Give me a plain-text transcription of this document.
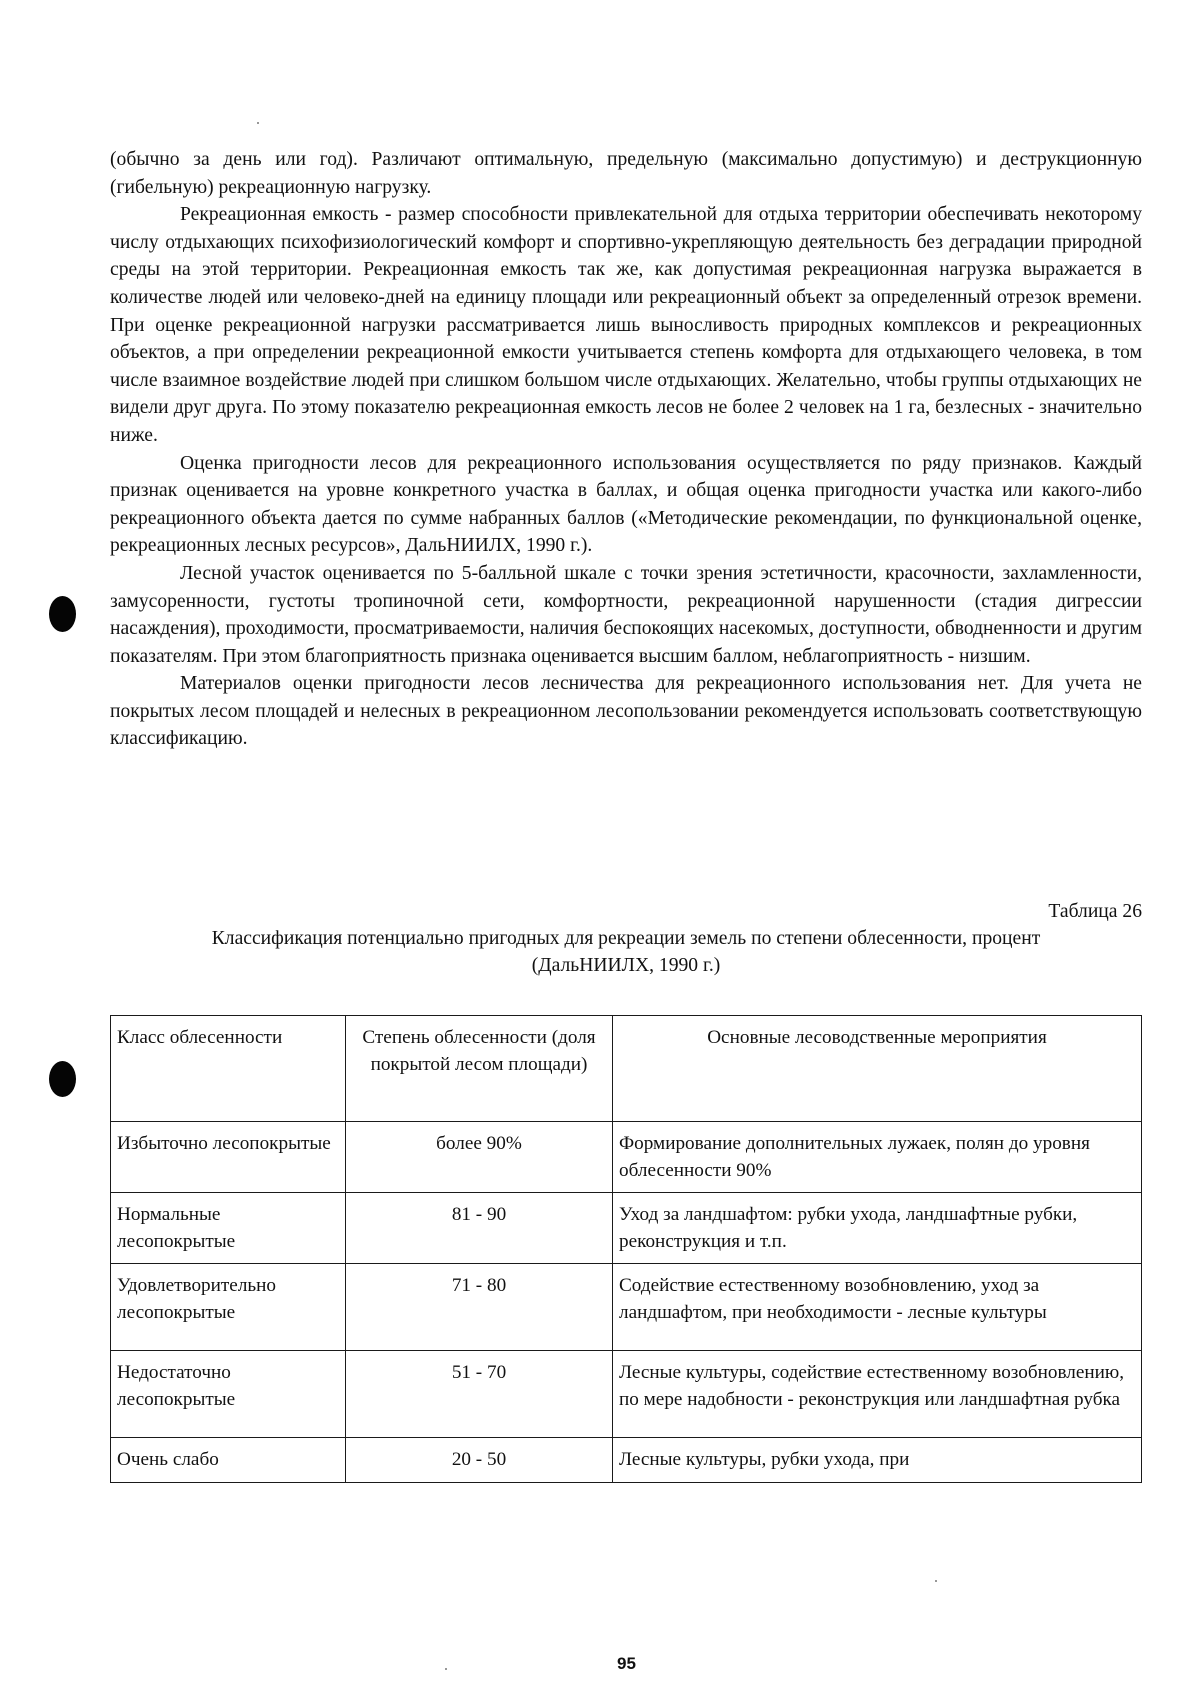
(обычно за день или год). Различают оптимальную, предельную (максимально допустимую) и деструкционную (гибельную) рекреационную нагрузку.

Рекреационная емкость - размер способности привлекательной для отдыха территории обеспечивать некоторому числу отдыхающих психофизиологический комфорт и спортивно-укрепляющую деятельность без деградации природной среды на этой территории. Рекреационная емкость так же, как допустимая рекреационная нагрузка выражается в количестве людей или человеко-дней на единицу площади или рекреационный объект за определенный отрезок времени. При оценке рекреационной нагрузки рассматривается лишь выносливость природных комплексов и рекреационных объектов, а при определении рекреационной емкости учитывается степень комфорта для отдыхающего человека, в том числе взаимное воздействие людей при слишком большом числе отдыхающих. Желательно, чтобы группы отдыхающих не видели друг друга. По этому показателю рекреационная емкость лесов не более 2 человек на 1 га, безлесных - значительно ниже.

Оценка пригодности лесов для рекреационного использования осуществляется по ряду признаков. Каждый признак оценивается на уровне конкретного участка в баллах, и общая оценка пригодности участка или какого-либо рекреационного объекта дается по сумме набранных баллов («Методические рекомендации, по функциональной оценке, рекреационных лесных ресурсов», ДальНИИЛХ, 1990 г.).

Лесной участок оценивается по 5-балльной шкале с точки зрения эстетичности, красочности, захламленности, замусоренности, густоты тропиночной сети, комфортности, рекреационной нарушенности (стадия дигрессии насаждения), проходимости, просматриваемости, наличия беспокоящих насекомых, доступности, обводненности и другим показателям. При этом благоприятность признака оценивается высшим баллом, неблагоприятность - низшим.

Материалов оценки пригодности лесов лесничества для рекреационного использования нет. Для учета не покрытых лесом площадей и нелесных в рекреационном лесопользовании рекомендуется использовать соответствующую классификацию.

Таблица 26
Классификация потенциально пригодных для рекреации земель по степени облесенности, процент
(ДальНИИЛХ, 1990 г.)
Класс облесенности	Степень облесенности (доля покрытой лесом площади)	Основные лесоводственные мероприятия
Избыточно лесопокрытые	более 90%	Формирование дополнительных лужаек, полян до уровня облесенности 90%
Нормальные лесопокрытые	81 - 90	Уход за ландшафтом: рубки ухода, ландшафтные рубки, реконструкция и т.п.
Удовлетворительно лесопокрытые	71 - 80	Содействие естественному возобновлению, уход за ландшафтом, при необходимости - лесные культуры
Недостаточно лесопокрытые	51 - 70	Лесные культуры, содействие естественному возобновлению, по мере надобности - реконструкция или ландшафтная рубка
Очень слабо	20 - 50	Лесные культуры, рубки ухода, при
95
